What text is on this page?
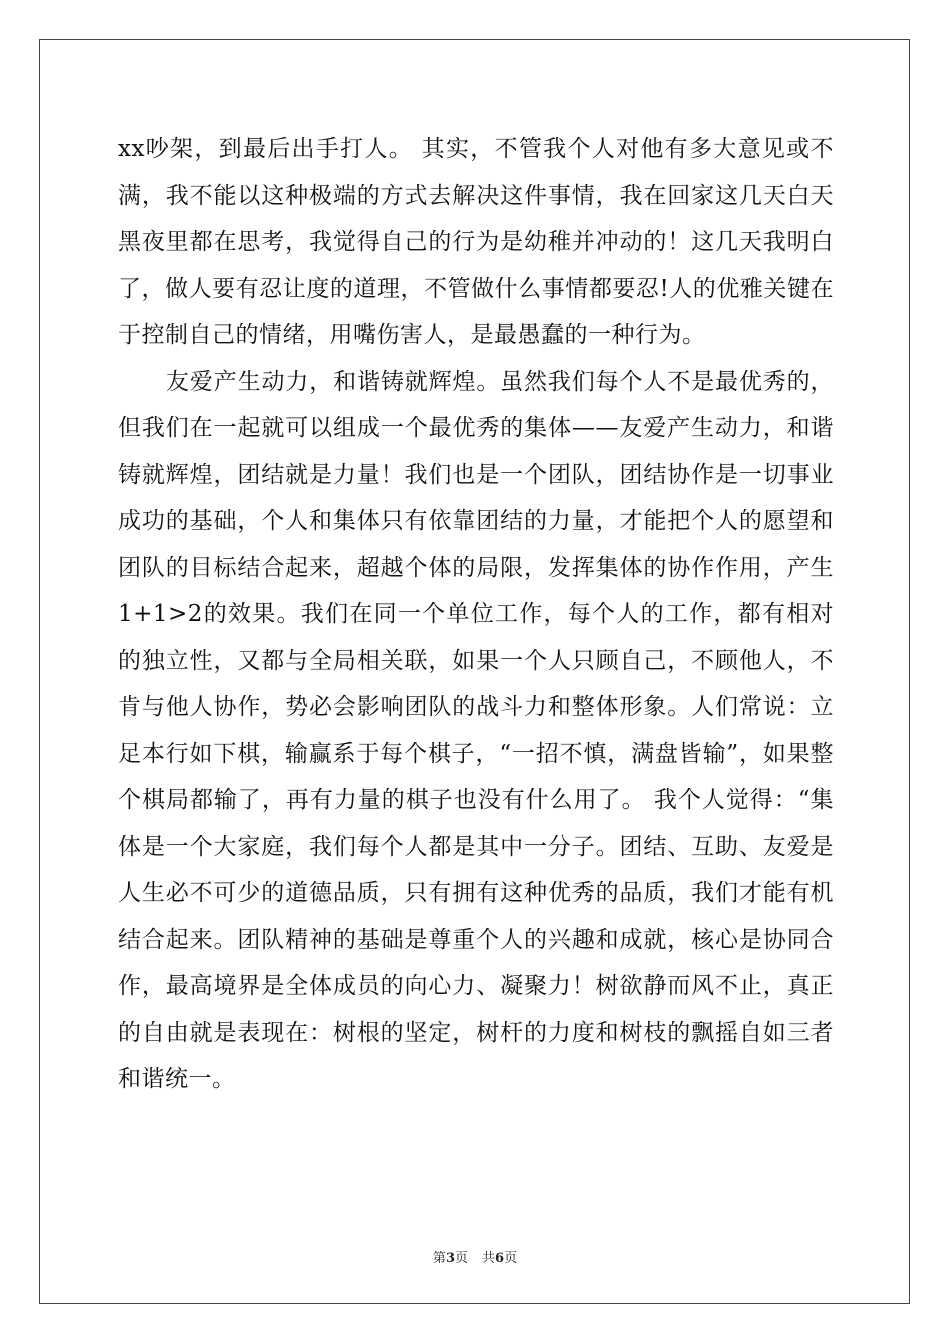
xx吵架，到最后出手打人。 其实，不管我个人对他有多大意见或不满，我不能以这种极端的方式去解决这件事情，我在回家这几天白天黑夜里都在思考，我觉得自己的行为是幼稚并冲动的！这几天我明白了，做人要有忍让度的道理，不管做什么事情都要忍!人的优雅关键在于控制自己的情绪，用嘴伤害人，是最愚蠢的一种行为。

友爱产生动力，和谐铸就辉煌。虽然我们每个人不是最优秀的，但我们在一起就可以组成一个最优秀的集体——友爱产生动力，和谐铸就辉煌，团结就是力量！我们也是一个团队，团结协作是一切事业成功的基础，个人和集体只有依靠团结的力量，才能把个人的愿望和团队的目标结合起来，超越个体的局限，发挥集体的协作作用，产生1+1>2的效果。我们在同一个单位工作，每个人的工作，都有相对的独立性，又都与全局相关联，如果一个人只顾自己，不顾他人，不肯与他人协作，势必会影响团队的战斗力和整体形象。人们常说：立足本行如下棋，输赢系于每个棋子，“一招不慎，满盘皆输”，如果整个棋局都输了，再有力量的棋子也没有什么用了。 我个人觉得：“集体是一个大家庭，我们每个人都是其中一分子。团结、互助、友爱是人生必不可少的道德品质，只有拥有这种优秀的品质，我们才能有机结合起来。团队精神的基础是尊重个人的兴趣和成就，核心是协同合作，最高境界是全体成员的向心力、凝聚力！树欲静而风不止，真正的自由就是表现在：树根的坚定，树杆的力度和树枝的飘摇自如三者和谐统一。

第3页 共6页
